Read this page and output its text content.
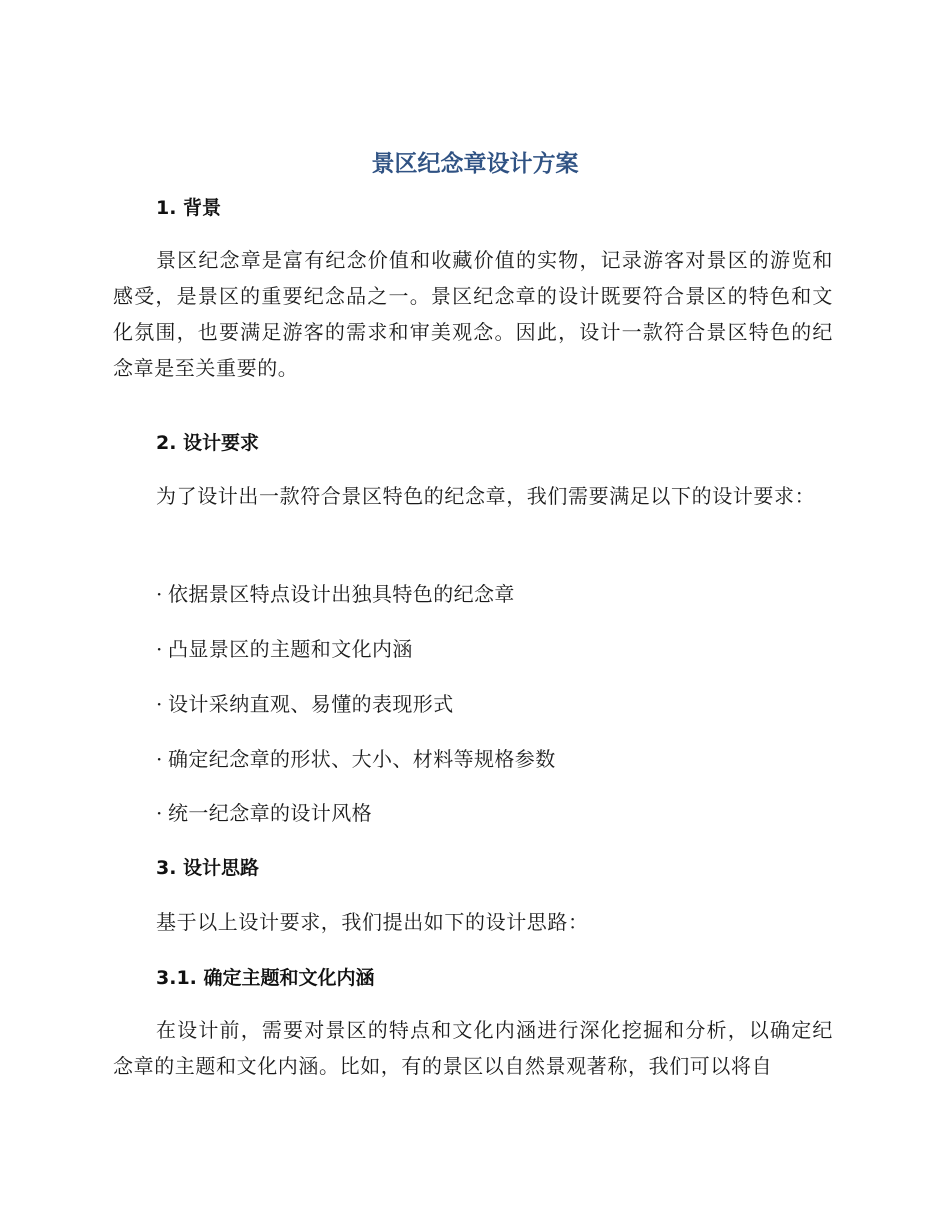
景区纪念章设计方案
1. 背景

景区纪念章是富有纪念价值和收藏价值的实物，记录游客对景区的游览和感受，是景区的重要纪念品之一。景区纪念章的设计既要符合景区的特色和文化氛围，也要满足游客的需求和审美观念。因此，设计一款符合景区特色的纪念章是至关重要的。

2. 设计要求

为了设计出一款符合景区特色的纪念章，我们需要满足以下的设计要求：

· 依据景区特点设计出独具特色的纪念章

· 凸显景区的主题和文化内涵

· 设计采纳直观、易懂的表现形式

· 确定纪念章的形状、大小、材料等规格参数

· 统一纪念章的设计风格

3. 设计思路

基于以上设计要求，我们提出如下的设计思路：

3.1. 确定主题和文化内涵

在设计前，需要对景区的特点和文化内涵进行深化挖掘和分析，以确定纪念章的主题和文化内涵。比如，有的景区以自然景观著称，我们可以将自
